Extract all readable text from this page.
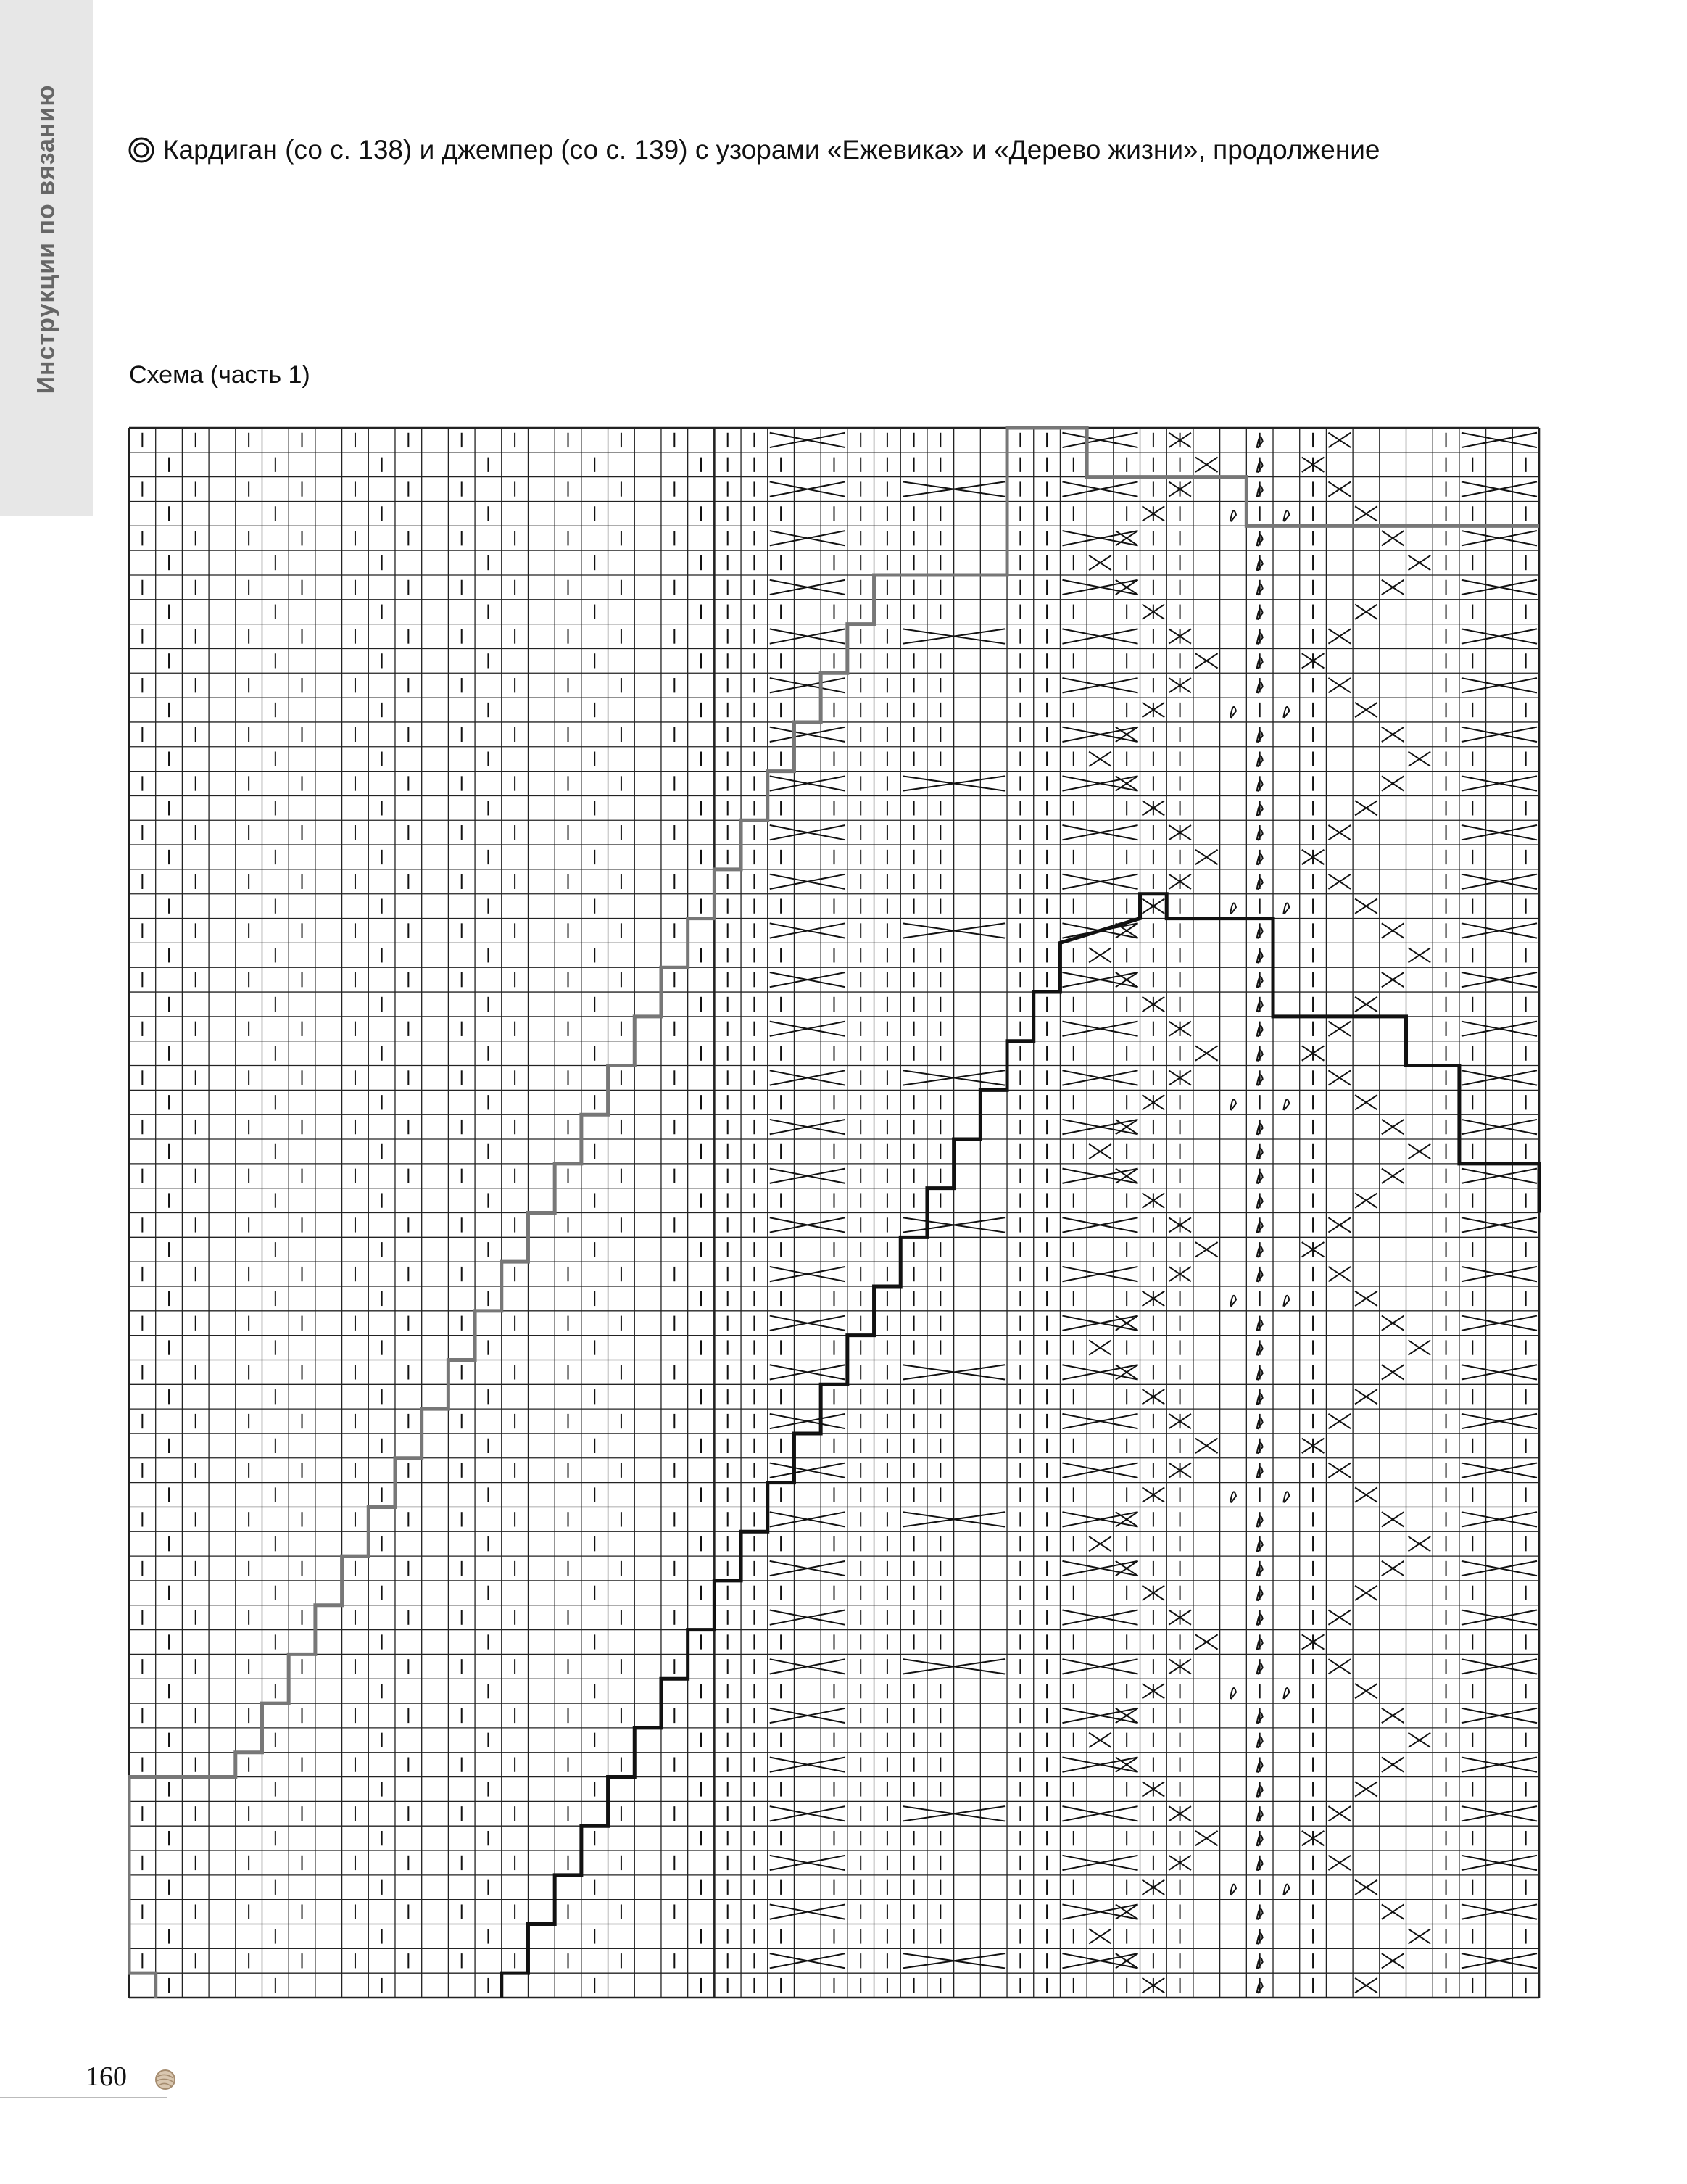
Инструкции по вязанию	Кардиган (со с. 138) и джемпер (со с. 139) с узорами «Ежевика» и «Дерево жизни», продолжение
Схема (часть 1)
160
